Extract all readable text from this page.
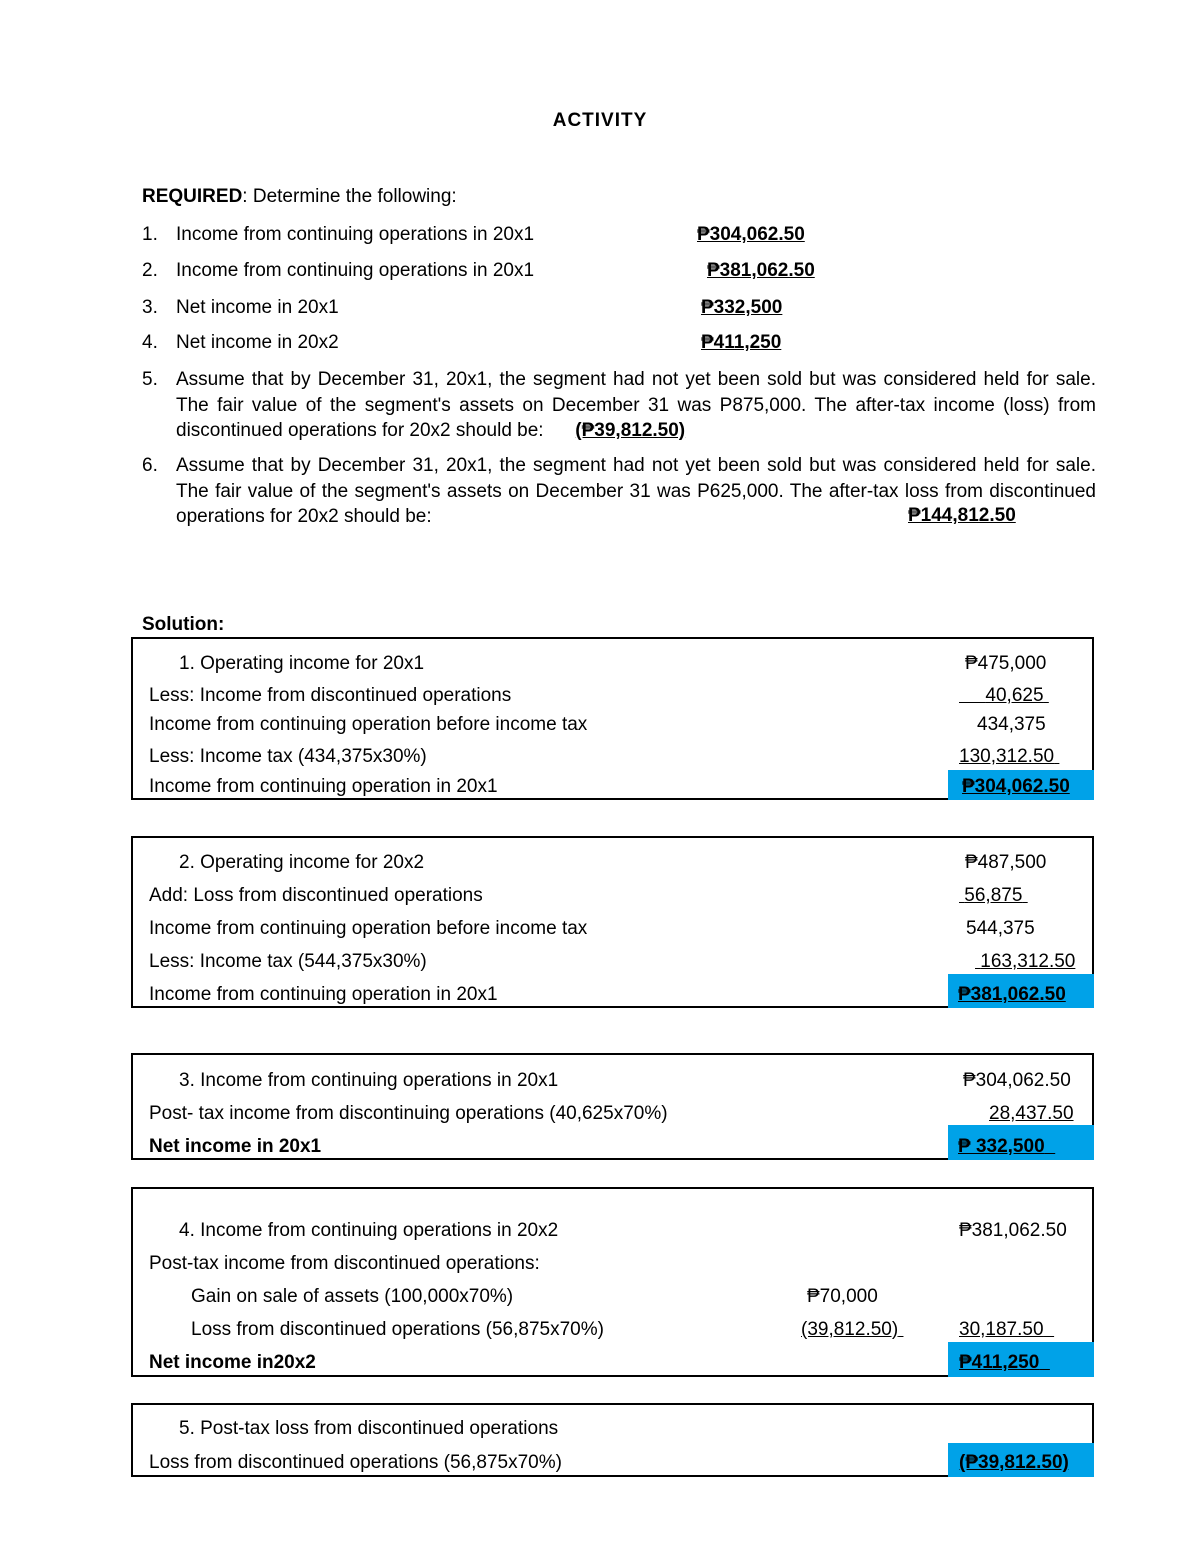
ACTIVITY
REQUIRED: Determine the following:
1. Income from continuing operations in 20x1	₱304,062.50
2. Income from continuing operations in 20x1	₱381,062.50
3. Net income in 20x1	₱332,500
4. Net income in 20x2	₱411,250
5. Assume that by December 31, 20x1, the segment had not yet been sold but was considered held for sale. The fair value of the segment's assets on December 31 was P875,000. The after-tax income (loss) from discontinued operations for 20x2 should be: (₱39,812.50)
6. Assume that by December 31, 20x1, the segment had not yet been sold but was considered held for sale. The fair value of the segment's assets on December 31 was P625,000. The after-tax loss from discontinued operations for 20x2 should be:	₱144,812.50
Solution:
1. Operating income for 20x1	₱475,000
Less: Income from discontinued operations	40,625
Income from continuing operation before income tax	434,375
Less: Income tax (434,375x30%)	130,312.50
Income from continuing operation in 20x1	₱304,062.50
2. Operating income for 20x2	₱487,500
Add: Loss from discontinued operations	56,875
Income from continuing operation before income tax	544,375
Less: Income tax (544,375x30%)	163,312.50
Income from continuing operation in 20x1	₱381,062.50
3. Income from continuing operations in 20x1	₱304,062.50
Post- tax income from discontinuing operations (40,625x70%)	28,437.50
Net income in 20x1	₱ 332,500
4. Income from continuing operations in 20x2	₱381,062.50
Post-tax income from discontinued operations:
Gain on sale of assets (100,000x70%)	₱70,000
Loss from discontinued operations (56,875x70%)	(39,812.50)	30,187.50
Net income in20x2	₱411,250
5. Post-tax loss from discontinued operations
Loss from discontinued operations (56,875x70%)	(₱39,812.50)
